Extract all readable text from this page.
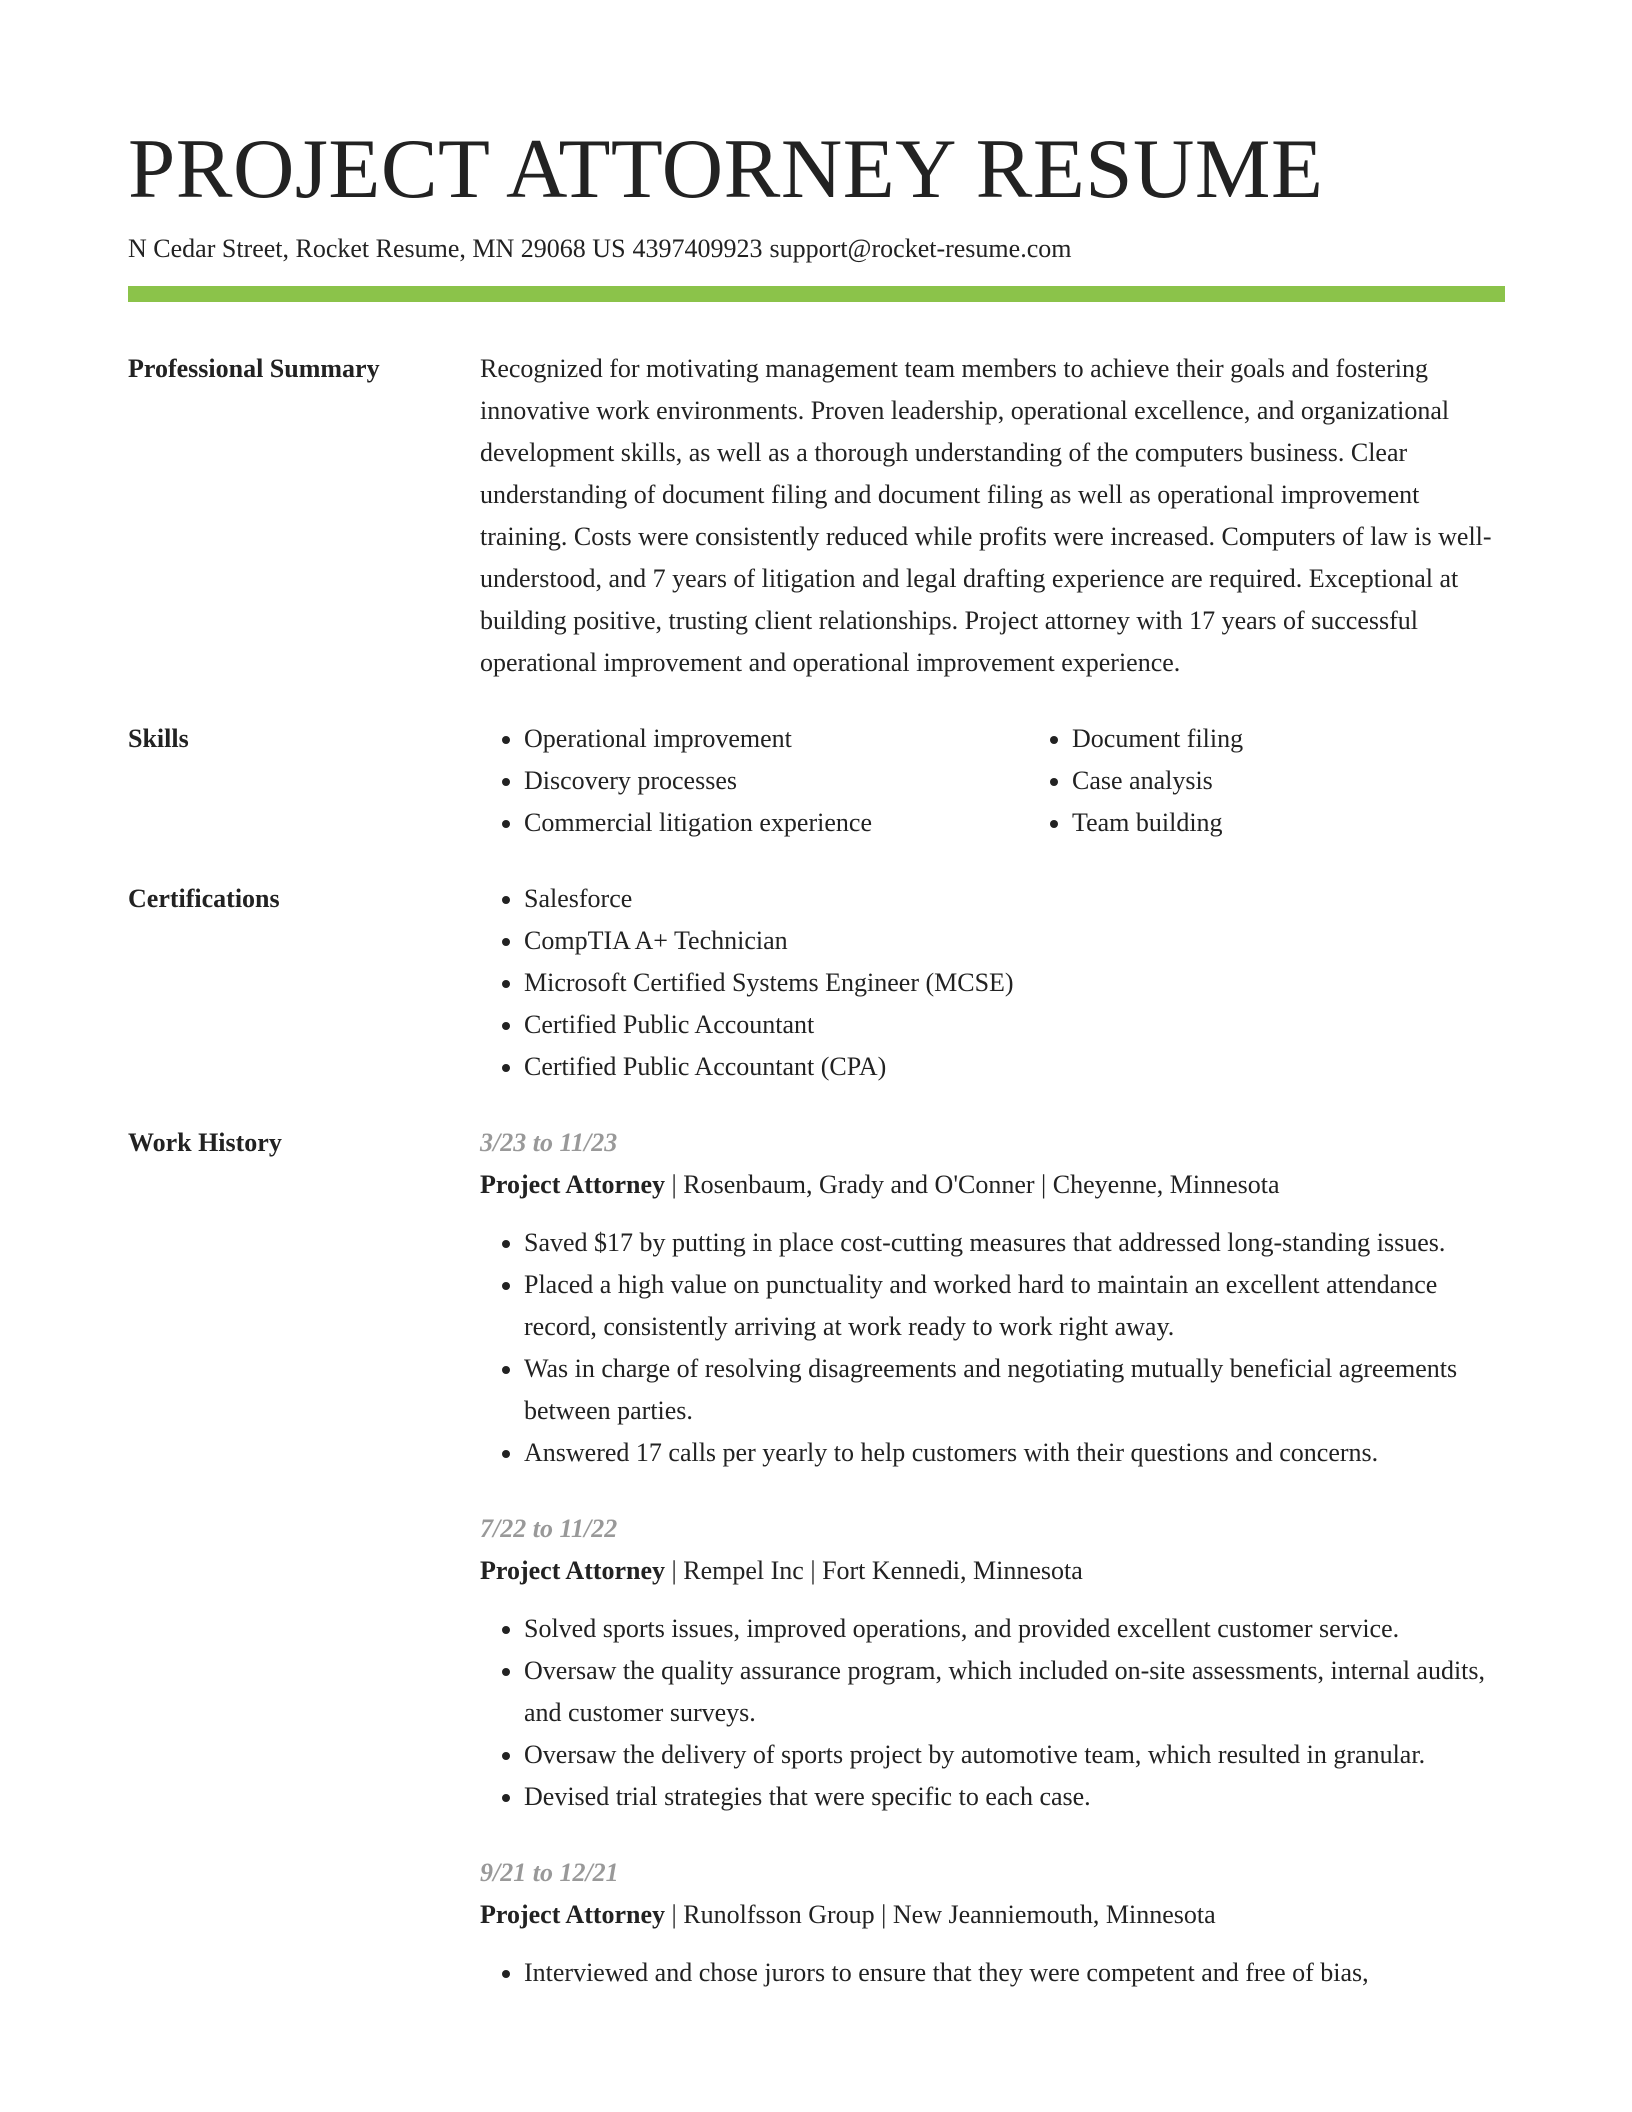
PROJECT ATTORNEY RESUME
N Cedar Street, Rocket Resume, MN 29068 US 4397409923 support@rocket-resume.com
Professional Summary	Recognized for motivating management team members to achieve their goals and fostering innovative work environments. Proven leadership, operational excellence, and organizational development skills, as well as a thorough understanding of the computers business. Clear understanding of document filing and document filing as well as operational improvement training. Costs were consistently reduced while profits were increased. Computers of law is well-understood, and 7 years of litigation and legal drafting experience are required. Exceptional at building positive, trusting client relationships. Project attorney with 17 years of successful operational improvement and operational improvement experience.

Skills	• Operational improvement
• Discovery processes
• Commercial litigation experience
• Document filing
• Case analysis
• Team building
Certifications	• Salesforce
• CompTIA A+ Technician
• Microsoft Certified Systems Engineer (MCSE)
• Certified Public Accountant
• Certified Public Accountant (CPA)
Work History	3/23 to 11/23
Project Attorney | Rosenbaum, Grady and O'Conner | Cheyenne, Minnesota
• Saved $17 by putting in place cost-cutting measures that addressed long-standing issues.
• Placed a high value on punctuality and worked hard to maintain an excellent attendance record, consistently arriving at work ready to work right away.
• Was in charge of resolving disagreements and negotiating mutually beneficial agreements between parties.
• Answered 17 calls per yearly to help customers with their questions and concerns.
7/22 to 11/22
Project Attorney | Rempel Inc | Fort Kennedi, Minnesota
• Solved sports issues, improved operations, and provided excellent customer service.
• Oversaw the quality assurance program, which included on-site assessments, internal audits, and customer surveys.
• Oversaw the delivery of sports project by automotive team, which resulted in granular.
• Devised trial strategies that were specific to each case.
9/21 to 12/21
Project Attorney | Runolfsson Group | New Jeanniemouth, Minnesota
• Interviewed and chose jurors to ensure that they were competent and free of bias,
